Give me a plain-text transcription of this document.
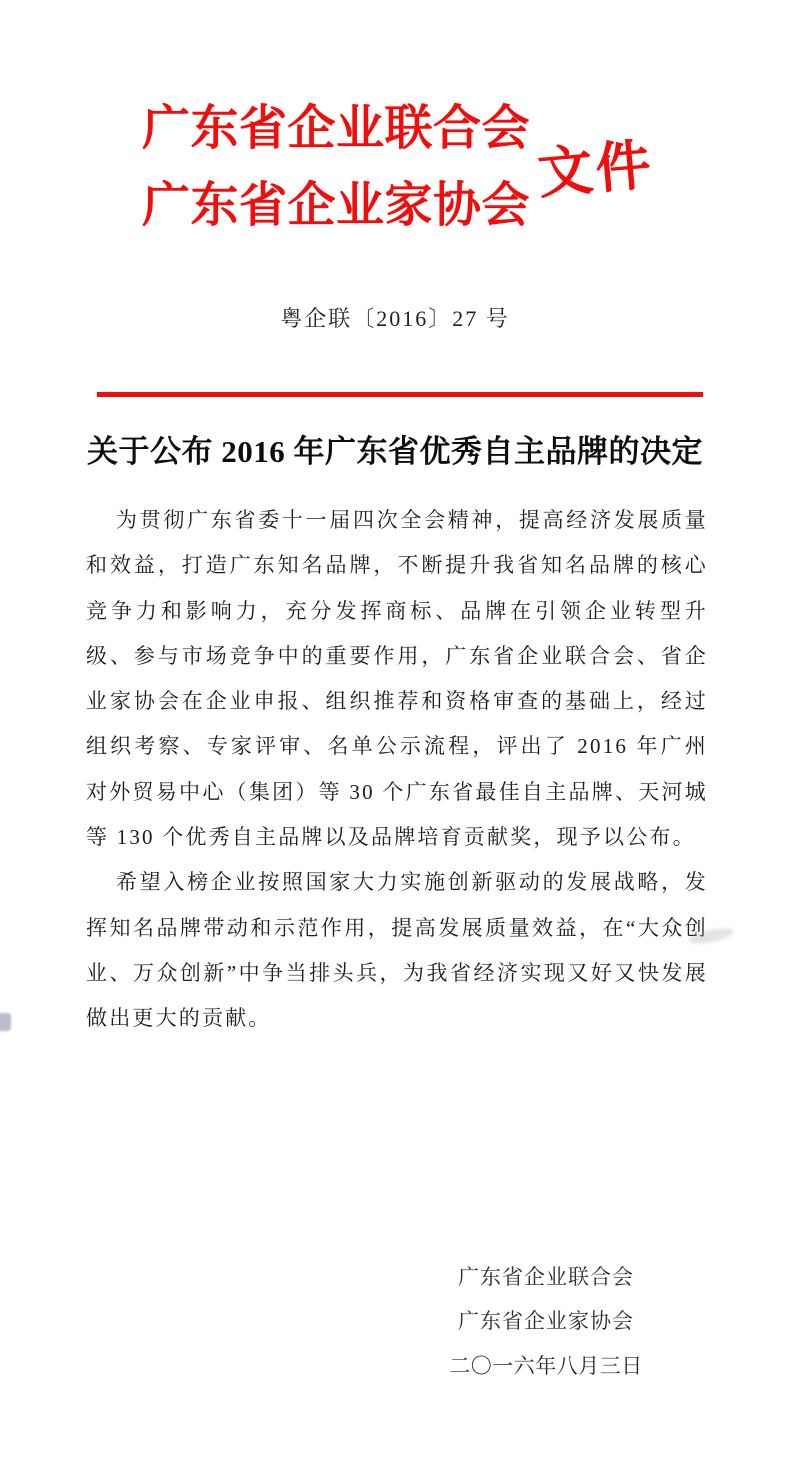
广东省企业联合会
广东省企业家协会
文件
粤企联〔2016〕27 号
关于公布 2016 年广东省优秀自主品牌的决定

为贯彻广东省委十一届四次全会精神，提高经济发展质量和效益，打造广东知名品牌，不断提升我省知名品牌的核心竞争力和影响力，充分发挥商标、品牌在引领企业转型升级、参与市场竞争中的重要作用，广东省企业联合会、省企业家协会在企业申报、组织推荐和资格审查的基础上，经过组织考察、专家评审、名单公示流程，评出了 2016 年广州对外贸易中心（集团）等 30 个广东省最佳自主品牌、天河城等 130 个优秀自主品牌以及品牌培育贡献奖，现予以公布。

希望入榜企业按照国家大力实施创新驱动的发展战略，发挥知名品牌带动和示范作用，提高发展质量效益，在“大众创业、万众创新”中争当排头兵，为我省经济实现又好又快发展做出更大的贡献。

广东省企业联合会
广东省企业家协会
二〇一六年八月三日
